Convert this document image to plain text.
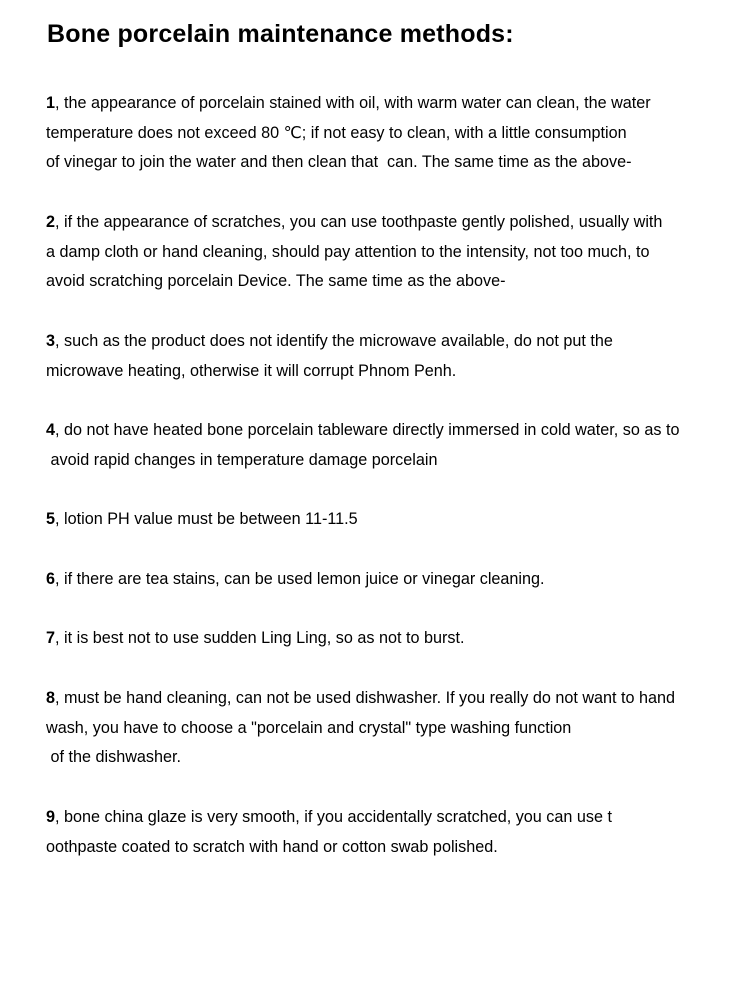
Bone porcelain maintenance methods:
1, the appearance of porcelain stained with oil, with warm water can clean, the water
temperature does not exceed 80 ℃; if not easy to clean, with a little consumption
of vinegar to join the water and then clean that  can. The same time as the above-
2, if the appearance of scratches, you can use toothpaste gently polished, usually with
a damp cloth or hand cleaning, should pay attention to the intensity, not too much, to
avoid scratching porcelain Device. The same time as the above-
3, such as the product does not identify the microwave available, do not put the
microwave heating, otherwise it will corrupt Phnom Penh.
4, do not have heated bone porcelain tableware directly immersed in cold water, so as to
avoid rapid changes in temperature damage porcelain
5, lotion PH value must be between 11-11.5
6, if there are tea stains, can be used lemon juice or vinegar cleaning.
7, it is best not to use sudden Ling Ling, so as not to burst.
8, must be hand cleaning, can not be used dishwasher. If you really do not want to hand
wash, you have to choose a "porcelain and crystal" type washing function
of the dishwasher.
9, bone china glaze is very smooth, if you accidentally scratched, you can use t
oothpaste coated to scratch with hand or cotton swab polished.
